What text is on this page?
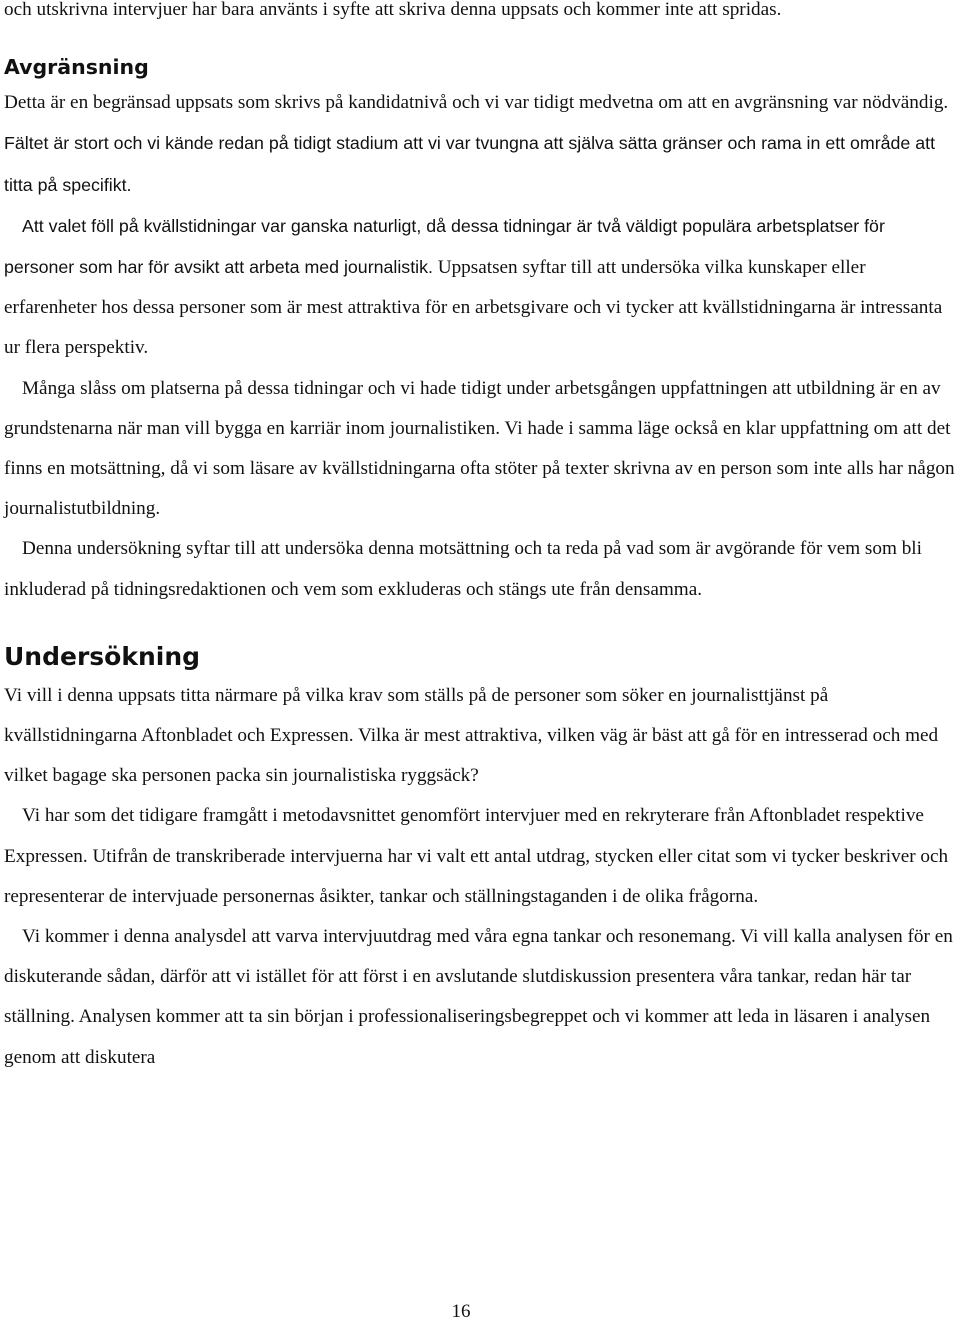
och utskrivna intervjuer har bara använts i syfte att skriva denna uppsats och kommer inte att spridas.

Avgränsning

Detta är en begränsad uppsats som skrivs på kandidatnivå och vi var tidigt medvetna om att en avgränsning var nödvändig. Fältet är stort och vi kände redan på tidigt stadium att vi var tvungna att själva sätta gränser och rama in ett område att titta på specifikt.

Att valet föll på kvällstidningar var ganska naturligt, då dessa tidningar är två väldigt populära arbetsplatser för personer som har för avsikt att arbeta med journalistik. Uppsatsen syftar till att undersöka vilka kunskaper eller erfarenheter hos dessa personer som är mest attraktiva för en arbetsgivare och vi tycker att kvällstidningarna är intressanta ur flera perspektiv.

Många slåss om platserna på dessa tidningar och vi hade tidigt under arbetsgången uppfattningen att utbildning är en av grundstenarna när man vill bygga en karriär inom journalistiken. Vi hade i samma läge också en klar uppfattning om att det finns en motsättning, då vi som läsare av kvällstidningarna ofta stöter på texter skrivna av en person som inte alls har någon journalistutbildning.

Denna undersökning syftar till att undersöka denna motsättning och ta reda på vad som är avgörande för vem som bli inkluderad på tidningsredaktionen och vem som exkluderas och stängs ute från densamma.

Undersökning

Vi vill i denna uppsats titta närmare på vilka krav som ställs på de personer som söker en journalisttjänst på kvällstidningarna Aftonbladet och Expressen. Vilka är mest attraktiva, vilken väg är bäst att gå för en intresserad och med vilket bagage ska personen packa sin journalistiska ryggsäck?

Vi har som det tidigare framgått i metodavsnittet genomfört intervjuer med en rekryterare från Aftonbladet respektive Expressen. Utifrån de transkriberade intervjuerna har vi valt ett antal utdrag, stycken eller citat som vi tycker beskriver och representerar de intervjuade personernas åsikter, tankar och ställningstaganden i de olika frågorna.

Vi kommer i denna analysdel att varva intervjuutdrag med våra egna tankar och resonemang. Vi vill kalla analysen för en diskuterande sådan, därför att vi istället för att först i en avslutande slutdiskussion presentera våra tankar, redan här tar ställning. Analysen kommer att ta sin början i professionaliseringsbegreppet och vi kommer att leda in läsaren i analysen genom att diskutera

16
